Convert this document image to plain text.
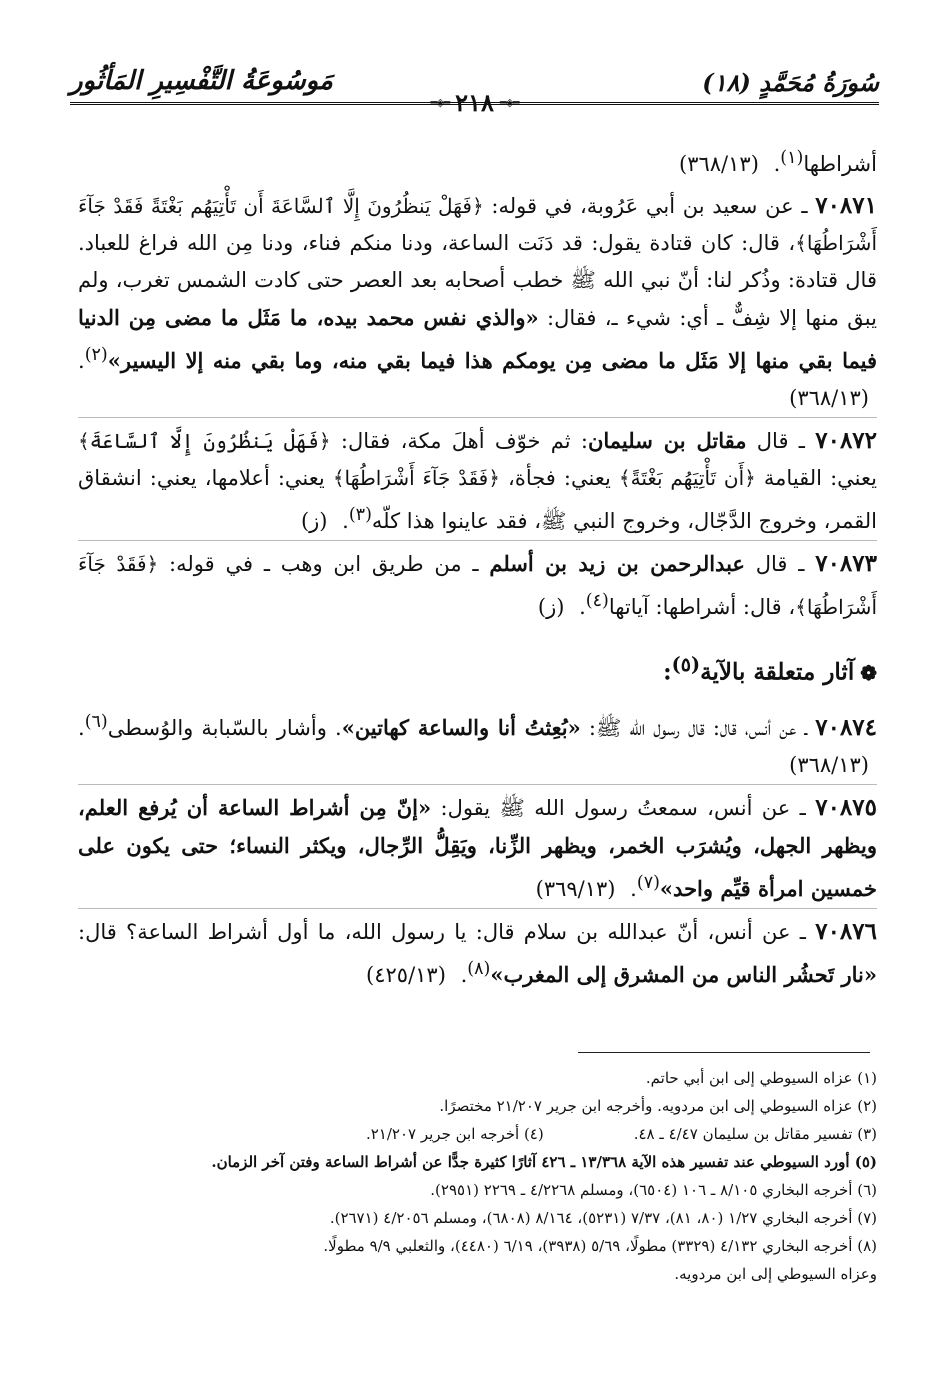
مَوسُوعَةُ التَّفْسِيرِ المَأثُور
═◈═ ٢١٨ ═◈═
سُورَةُ مُحَمَّدٍ (١٨)

أشراطها$^{(١)}$. (٣٦٨/١٣)

٧٠٨٧١ ـ عن سعيد بن أبي عَرُوبة، في قوله: ﴿فَهَلْ يَنظُرُونَ إِلَّا ٱلسَّاعَةَ أَن تَأْتِيَهُم بَغْتَةً فَقَدْ جَآءَ أَشْرَاطُهَا﴾، قال: كان قتادة يقول: قد دَنَت الساعة، ودنا منكم فناء، ودنا مِن الله فراغ للعباد. قال قتادة: وذُكر لنا: أنّ نبي الله ﷺ خطب أصحابه بعد العصر حتى كادت الشمس تغرب، ولم يبق منها إلا شِفٌّ ـ أي: شيء ـ، فقال: «والذي نفس محمد بيده، ما مَثَل ما مضى مِن الدنيا فيما بقي منها إلا مَثَل ما مضى مِن يومكم هذا فيما بقي منه، وما بقي منه إلا اليسير»$^{(٢)}$. (٣٦٨/١٣)

٧٠٨٧٢ ـ قال مقاتل بن سليمان: ثم خوّف أهلَ مكة، فقال: ﴿فَهَلْ يَنظُرُونَ إِلَّا ٱلسَّاعَةَ﴾ يعني: القيامة ﴿أَن تَأْتِيَهُم بَغْتَةً﴾ يعني: فجأة، ﴿فَقَدْ جَآءَ أَشْرَاطُهَا﴾ يعني: أعلامها، يعني: انشقاق القمر، وخروج الدَّجّال، وخروج النبي ﷺ، فقد عاينوا هذا كلّه$^{(٣)}$. (ز)

٧٠٨٧٣ ـ قال عبدالرحمن بن زيد بن أسلم ـ من طريق ابن وهب ـ في قوله: ﴿فَقَدْ جَآءَ أَشْرَاطُهَا﴾، قال: أشراطها: آياتها$^{(٤)}$. (ز)

❁آثار متعلقة بالآية$^{(٥)}$:

٧٠٨٧٤ ـ عن أنس، قال: قال رسول الله ﷺ: «بُعِثتُ أنا والساعة كهاتين». وأشار بالسّبابة والوُسطى$^{(٦)}$. (٣٦٨/١٣)

٧٠٨٧٥ ـ عن أنس، سمعتُ رسول الله ﷺ يقول: «إنّ مِن أشراط الساعة أن يُرفع العلم، ويظهر الجهل، ويُشرَب الخمر، ويظهر الزِّنا، ويَقِلُّ الرِّجال، ويكثر النساء؛ حتى يكون على خمسين امرأة قيِّم واحد»$^{(٧)}$. (٣٦٩/١٣)

٧٠٨٧٦ ـ عن أنس، أنّ عبدالله بن سلام قال: يا رسول الله، ما أول أشراط الساعة؟ قال: «نار تَحشُر الناس من المشرق إلى المغرب»$^{(٨)}$. (٤٢٥/١٣)

(١) عزاه السيوطي إلى ابن أبي حاتم.
(٢) عزاه السيوطي إلى ابن مردويه. وأخرجه ابن جرير ٢١/٢٠٧ مختصرًا.
(٣) تفسير مقاتل بن سليمان ٤/٤٧ ـ ٤٨.
(٤) أخرجه ابن جرير ٢١/٢٠٧.
(٥) أورد السيوطي عند تفسير هذه الآية ١٣/٣٦٨ ـ ٤٢٦ آثارًا كثيرة جدًّا عن أشراط الساعة وفتن آخر الزمان.
(٦) أخرجه البخاري ٨/١٠٥ ـ ١٠٦ (٦٥٠٤)، ومسلم ٤/٢٢٦٨ ـ ٢٢٦٩ (٢٩٥١).
(٧) أخرجه البخاري ١/٢٧ (٨٠، ٨١)، ٧/٣٧ (٥٢٣١)، ٨/١٦٤ (٦٨٠٨)، ومسلم ٤/٢٠٥٦ (٢٦٧١).
(٨) أخرجه البخاري ٤/١٣٢ (٣٣٢٩) مطولًا، ٥/٦٩ (٣٩٣٨)، ٦/١٩ (٤٤٨٠)، والثعلبي ٩/٩ مطولًا.
وعزاه السيوطي إلى ابن مردويه.
